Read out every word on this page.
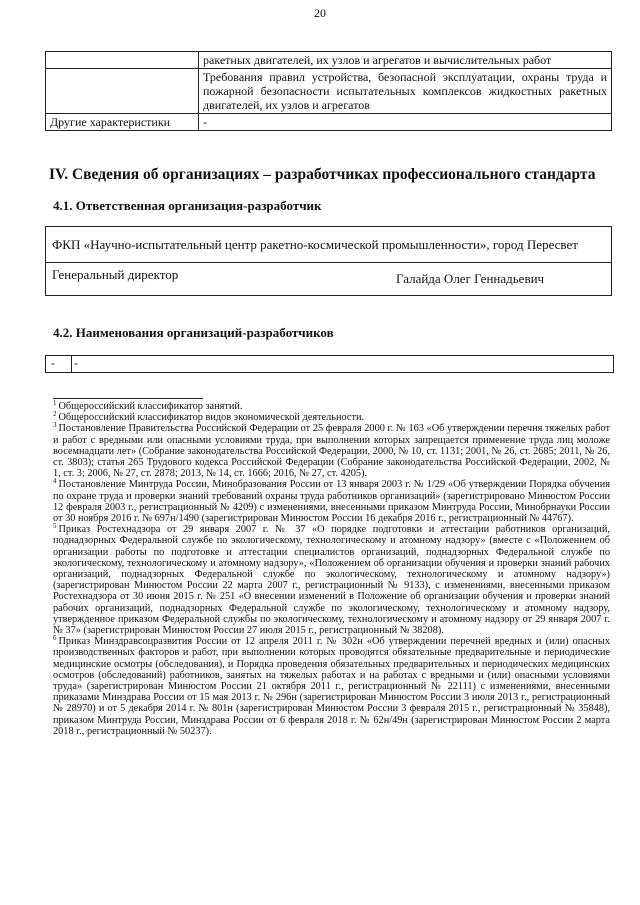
20
	ракетных двигателей, их узлов и агрегатов и вычислительных работ
	Требования правил устройства, безопасной эксплуатации, охраны труда и пожарной безопасности испытательных комплексов жидкостных ракетных двигателей, их узлов и агрегатов
Другие характеристики	-
IV. Сведения об организациях – разработчиках профессионального стандарта
4.1. Ответственная организация-разработчик
ФКП «Научно-испытательный центр ракетно-космической промышленности», город Пересвет
Генеральный директор	Галайда Олег Геннадьевич
4.2. Наименования организаций-разработчиков
- -

$^1$ Общероссийский классификатор занятий.

$^2$ Общероссийский классификатор видов экономической деятельности.

$^3$ Постановление Правительства Российской Федерации от 25 февраля 2000 г. № 163 «Об утверждении перечня тяжелых работ и работ с вредными или опасными условиями труда, при выполнении которых запрещается применение труда лиц моложе восемнадцати лет» (Собрание законодательства Российской Федерации, 2000, № 10, ст. 1131; 2001, № 26, ст. 2685; 2011, № 26, ст. 3803); статья 265 Трудового кодекса Российской Федерации (Собрание законодательства Российской Федерации, 2002, № 1, ст. 3; 2006, № 27, ст. 2878; 2013, № 14, ст. 1666; 2016, № 27, ст. 4205).

$^4$ Постановление Минтруда России, Минобразования России от 13 января 2003 г. № 1/29 «Об утверждении Порядка обучения по охране труда и проверки знаний требований охраны труда работников организаций» (зарегистрировано Минюстом России 12 февраля 2003 г., регистрационный № 4209) с изменениями, внесенными приказом Минтруда России, Минобрнауки России от 30 ноября 2016 г. № 697н/1490 (зарегистрирован Минюстом России 16 декабря 2016 г., регистрационный № 44767).

$^5$ Приказ Ростехнадзора от 29 января 2007 г. № 37 «О порядке подготовки и аттестации работников организаций, поднадзорных Федеральной службе по экологическому, технологическому и атомному надзору» (вместе с «Положением об организации работы по подготовке и аттестации специалистов организаций, поднадзорных Федеральной службе по экологическому, технологическому и атомному надзору», «Положением об организации обучения и проверки знаний рабочих организаций, поднадзорных Федеральной службе по экологическому, технологическому и атомному надзору») (зарегистрирован Минюстом России 22 марта 2007 г., регистрационный № 9133), с изменениями, внесенными приказом Ростехнадзора от 30 июня 2015 г. № 251 «О внесении изменений в Положение об организации обучения и проверки знаний рабочих организаций, поднадзорных Федеральной службе по экологическому, технологическому и атомному надзору, утвержденное приказом Федеральной службы по экологическому, технологическому и атомному надзору от 29 января 2007 г. № 37» (зарегистрирован Минюстом России 27 июля 2015 г., регистрационный № 38208).

$^6$ Приказ Минздравсоцразвития России от 12 апреля 2011 г. № 302н «Об утверждении перечней вредных и (или) опасных производственных факторов и работ, при выполнении которых проводятся обязательные предварительные и периодические медицинские осмотры (обследования), и Порядка проведения обязательных предварительных и периодических медицинских осмотров (обследований) работников, занятых на тяжелых работах и на работах с вредными и (или) опасными условиями труда» (зарегистрирован Минюстом России 21 октября 2011 г., регистрационный № 22111) с изменениями, внесенными приказами Минздрава России от 15 мая 2013 г. № 296н (зарегистрирован Минюстом России 3 июля 2013 г., регистрационный № 28970) и от 5 декабря 2014 г. № 801н (зарегистрирован Минюстом России 3 февраля 2015 г., регистрационный № 35848), приказом Минтруда России, Минздрава России от 6 февраля 2018 г. № 62н/49н (зарегистрирован Минюстом России 2 марта 2018 г., регистрационный № 50237).
